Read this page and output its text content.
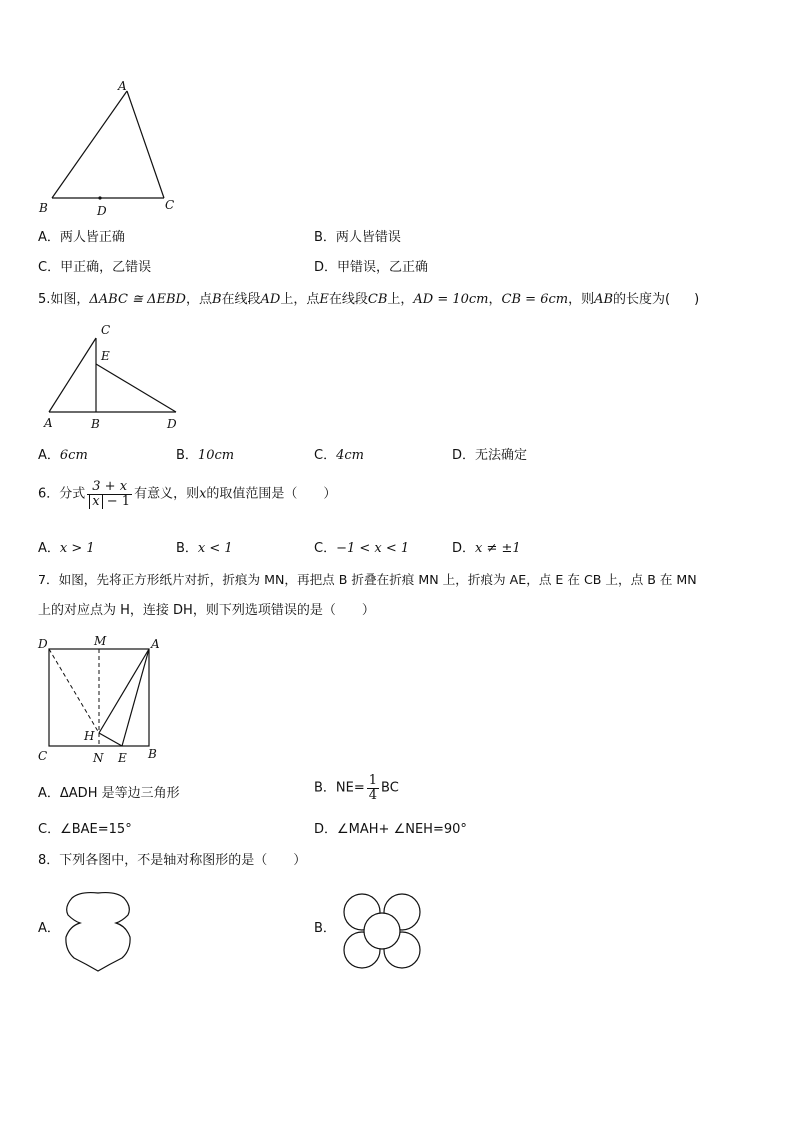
A
B	D	C
A．两人皆正确	B．两人皆错误
C．甲正确，乙错误	D．甲错误，乙正确
5.如图，ΔABC ≅ ΔEBD，点B在线段AD上，点E在线段CB上，AD = 10cm，CB = 6cm，则AB的长度为( )
C
E
A	B	D
A．6cm	B．10cm	C．4cm	D．无法确定
6．分式 $\frac{3 + x}{x - 1}$ 有意义，则x的取值范围是（　　）
A．x > 1	B．x < 1	C．−1 < x < 1	D．x ≠ ±1
7．如图，先将正方形纸片对折，折痕为 MN，再把点 B 折叠在折痕 MN 上，折痕为 AE，点 E 在 CB 上，点 B 在 MN
上的对应点为 H，连接 DH，则下列选项错误的是（　　）
D	M	A
H
C	N E B
A．ΔADH 是等边三角形	B．$NE= \frac{1}{4}$ BC
C．∠BAE=15°	D．∠MAH+ ∠NEH=90°
8．下列各图中，不是轴对称图形的是（　　）
A．	B．
